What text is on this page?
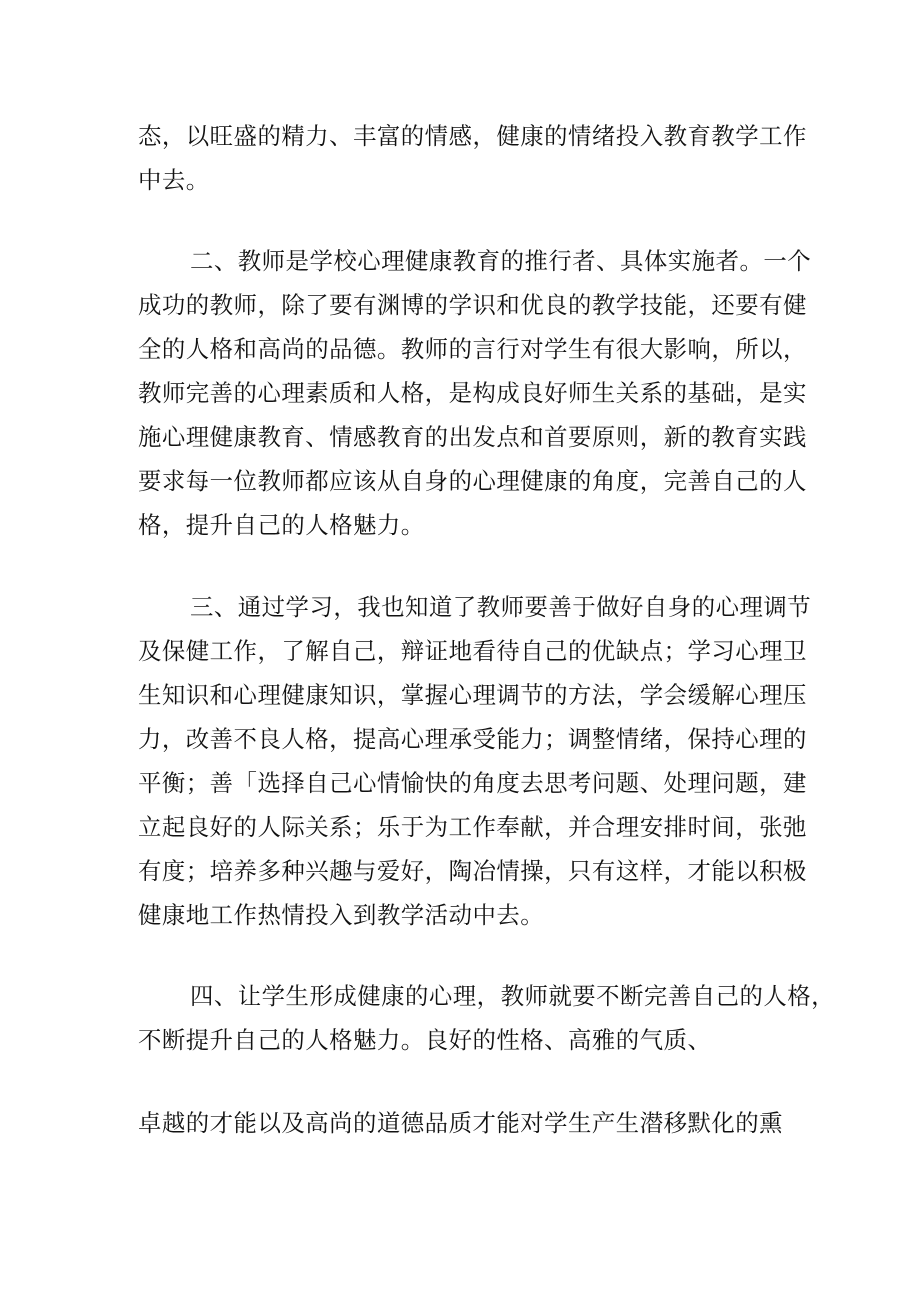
态，以旺盛的精力、丰富的情感，健康的情绪投入教育教学工作
中去。
二、教师是学校心理健康教育的推行者、具体实施者。一个
成功的教师，除了要有渊博的学识和优良的教学技能，还要有健
全的人格和高尚的品德。教师的言行对学生有很大影响，所以，
教师完善的心理素质和人格，是构成良好师生关系的基础，是实
施心理健康教育、情感教育的出发点和首要原则，新的教育实践
要求每一位教师都应该从自身的心理健康的角度，完善自己的人
格，提升自己的人格魅力。
三、通过学习，我也知道了教师要善于做好自身的心理调节
及保健工作，了解自己，辩证地看待自己的优缺点；学习心理卫
生知识和心理健康知识，掌握心理调节的方法，学会缓解心理压
力，改善不良人格，提高心理承受能力；调整情绪，保持心理的
平衡；善「选择自己心情愉快的角度去思考问题、处理问题，建
立起良好的人际关系；乐于为工作奉献，并合理安排时间，张弛
有度；培养多种兴趣与爱好，陶冶情操，只有这样，才能以积极
健康地工作热情投入到教学活动中去。
四、让学生形成健康的心理，教师就要不断完善自己的人格，
不断提升自己的人格魅力。良好的性格、高雅的气质、
卓越的才能以及高尚的道德品质才能对学生产生潜移默化的熏
